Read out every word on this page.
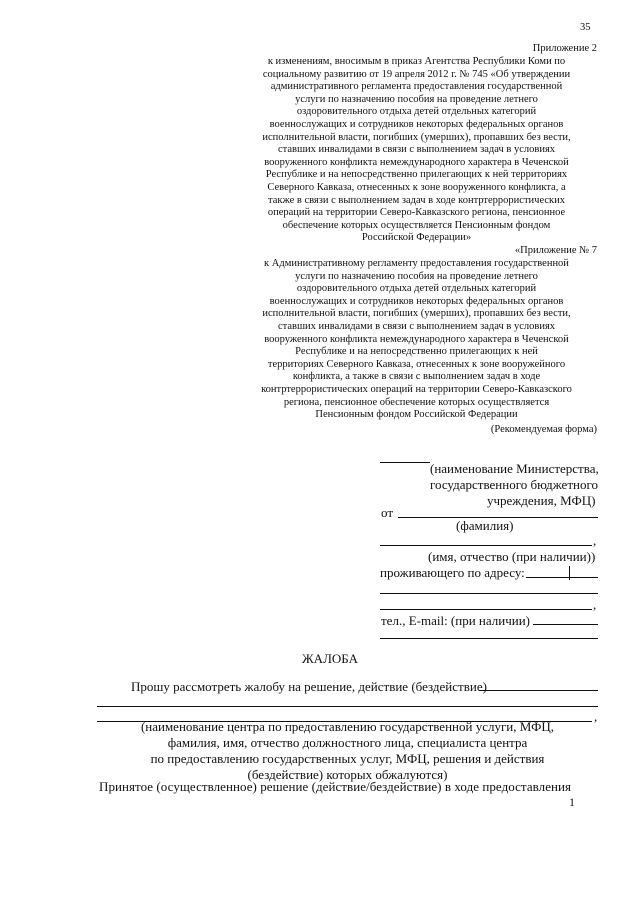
35
Приложение 2
к изменениям, вносимым в приказ Агентства Республики Коми по
социальному развитию от 19 апреля 2012 г. № 745 «Об утверждении
административного регламента предоставления государственной
услуги по назначению пособия на проведение летнего
оздоровительного отдыха детей отдельных категорий
военнослужащих и сотрудников некоторых федеральных органов
исполнительной власти, погибших (умерших), пропавших без вести,
ставших инвалидами в связи с выполнением задач в условиях
вооруженного конфликта немеждународного характера в Чеченской
Республике и на непосредственно прилегающих к ней территориях
Северного Кавказа, отнесенных к зоне вооруженного конфликта, а
также в связи с выполнением задач в ходе контртеррористических
операций на территории Северо-Кавказского региона, пенсионное
обеспечение которых осуществляется Пенсионным фондом
Российской Федерации»
«Приложение № 7
к Административному регламенту предоставления государственной
услуги по назначению пособия на проведение летнего
оздоровительного отдыха детей отдельных категорий
военнослужащих и сотрудников некоторых федеральных органов
исполнительной власти, погибших (умерших), пропавших без вести,
ставших инвалидами в связи с выполнением задач в условиях
вооруженного конфликта немеждународного характера в Чеченской
Республике и на непосредственно прилегающих к ней
территориях Северного Кавказа, отнесенных к зоне вооружейного
конфликта, а также в связи с выполнением задач в ходе
контртеррористических операций на территории Северо-Кавказского
региона, пенсионное обеспечение которых осуществляется
Пенсионным фондом Российской Федерации
(Рекомендуемая форма)
(наименование Министерства,
государственного бюджетного
учреждения, МФЦ)
от
(фамилия)
,
(имя, отчество (при наличии))
проживающего по адресу:
,
тел., E-mail: (при наличии)
ЖАЛОБА
Прошу рассмотреть жалобу на решение, действие (бездействие)
,
(наименование центра по предоставлению государственной услуги, МФЦ,
фамилия, имя, отчество должностного лица, специалиста центра
по предоставлению государственных услуг, МФЦ, решения и действия
(бездействие) которых обжалуются)
Принятое (осуществленное) решение (действие/бездействие) в ходе предоставления
1
